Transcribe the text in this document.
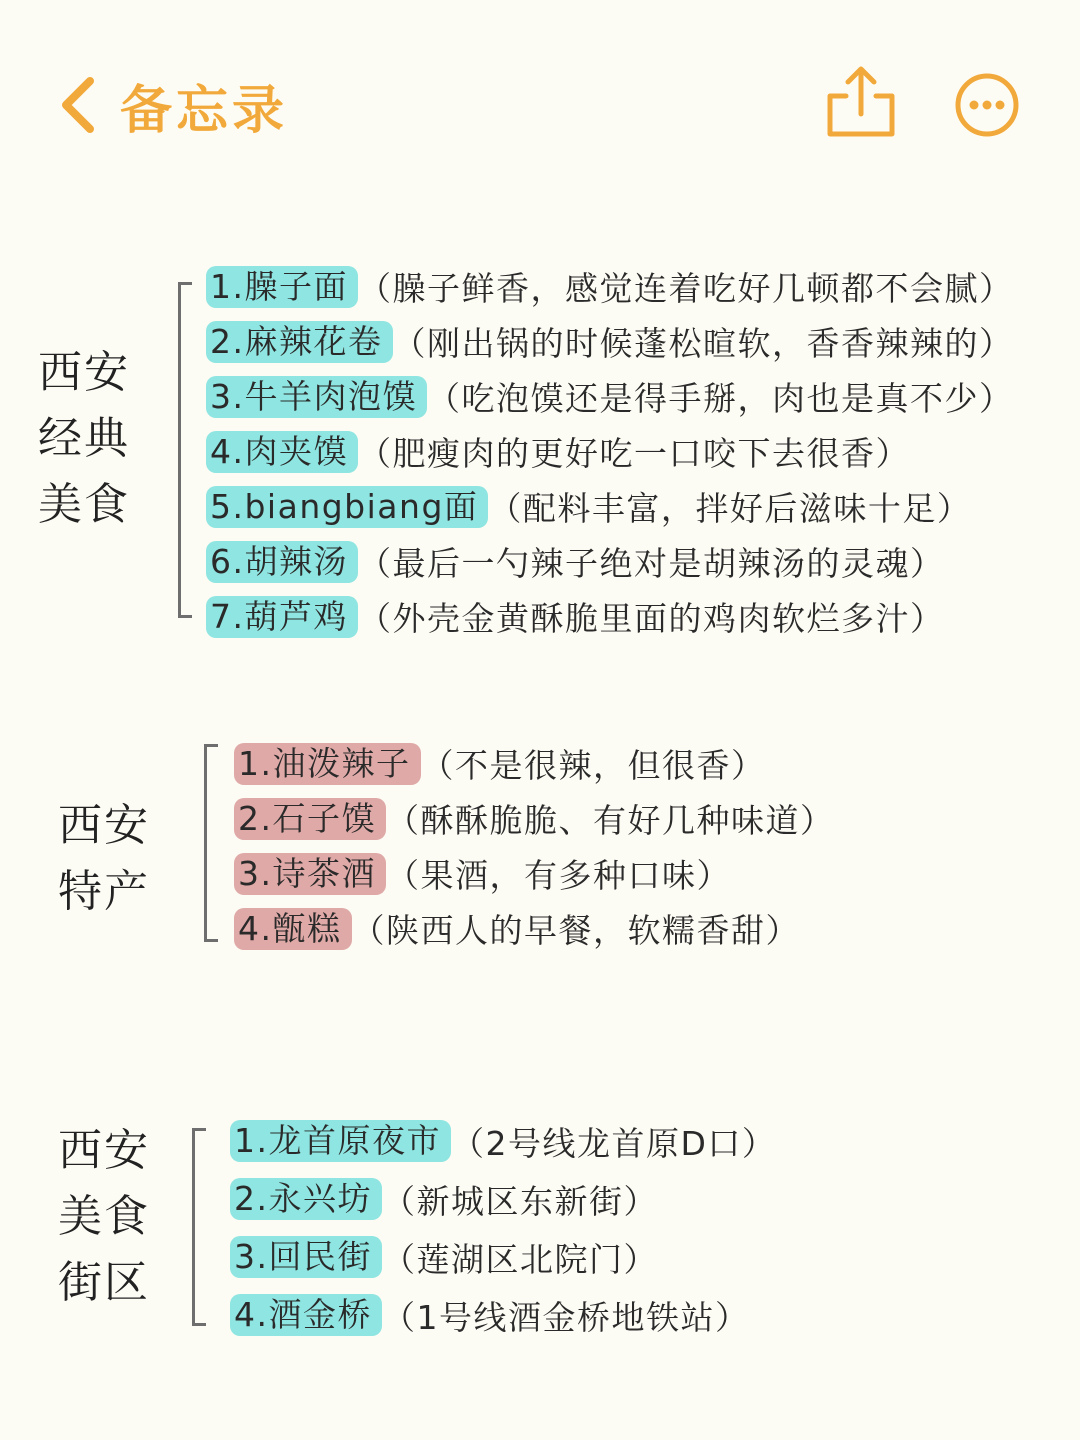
备忘录
西安
经典
美食
1.臊子面 （臊子鲜香，感觉连着吃好几顿都不会腻）
2.麻辣花卷 （刚出锅的时候蓬松暄软，香香辣辣的）
3.牛羊肉泡馍 （吃泡馍还是得手掰，肉也是真不少）
4.肉夹馍 （肥瘦肉的更好吃一口咬下去很香）
5.biangbiang面 （配料丰富，拌好后滋味十足）
6.胡辣汤 （最后一勺辣子绝对是胡辣汤的灵魂）
7.葫芦鸡 （外壳金黄酥脆里面的鸡肉软烂多汁）
西安
特产
1.油泼辣子 （不是很辣，但很香）
2.石子馍 （酥酥脆脆、有好几种味道）
3.诗茶酒 （果酒，有多种口味）
4.甑糕 （陕西人的早餐，软糯香甜）
西安
美食
街区
1.龙首原夜市 （2号线龙首原D口）
2.永兴坊 （新城区东新街）
3.回民街 （莲湖区北院门）
4.酒金桥 （1号线酒金桥地铁站）
